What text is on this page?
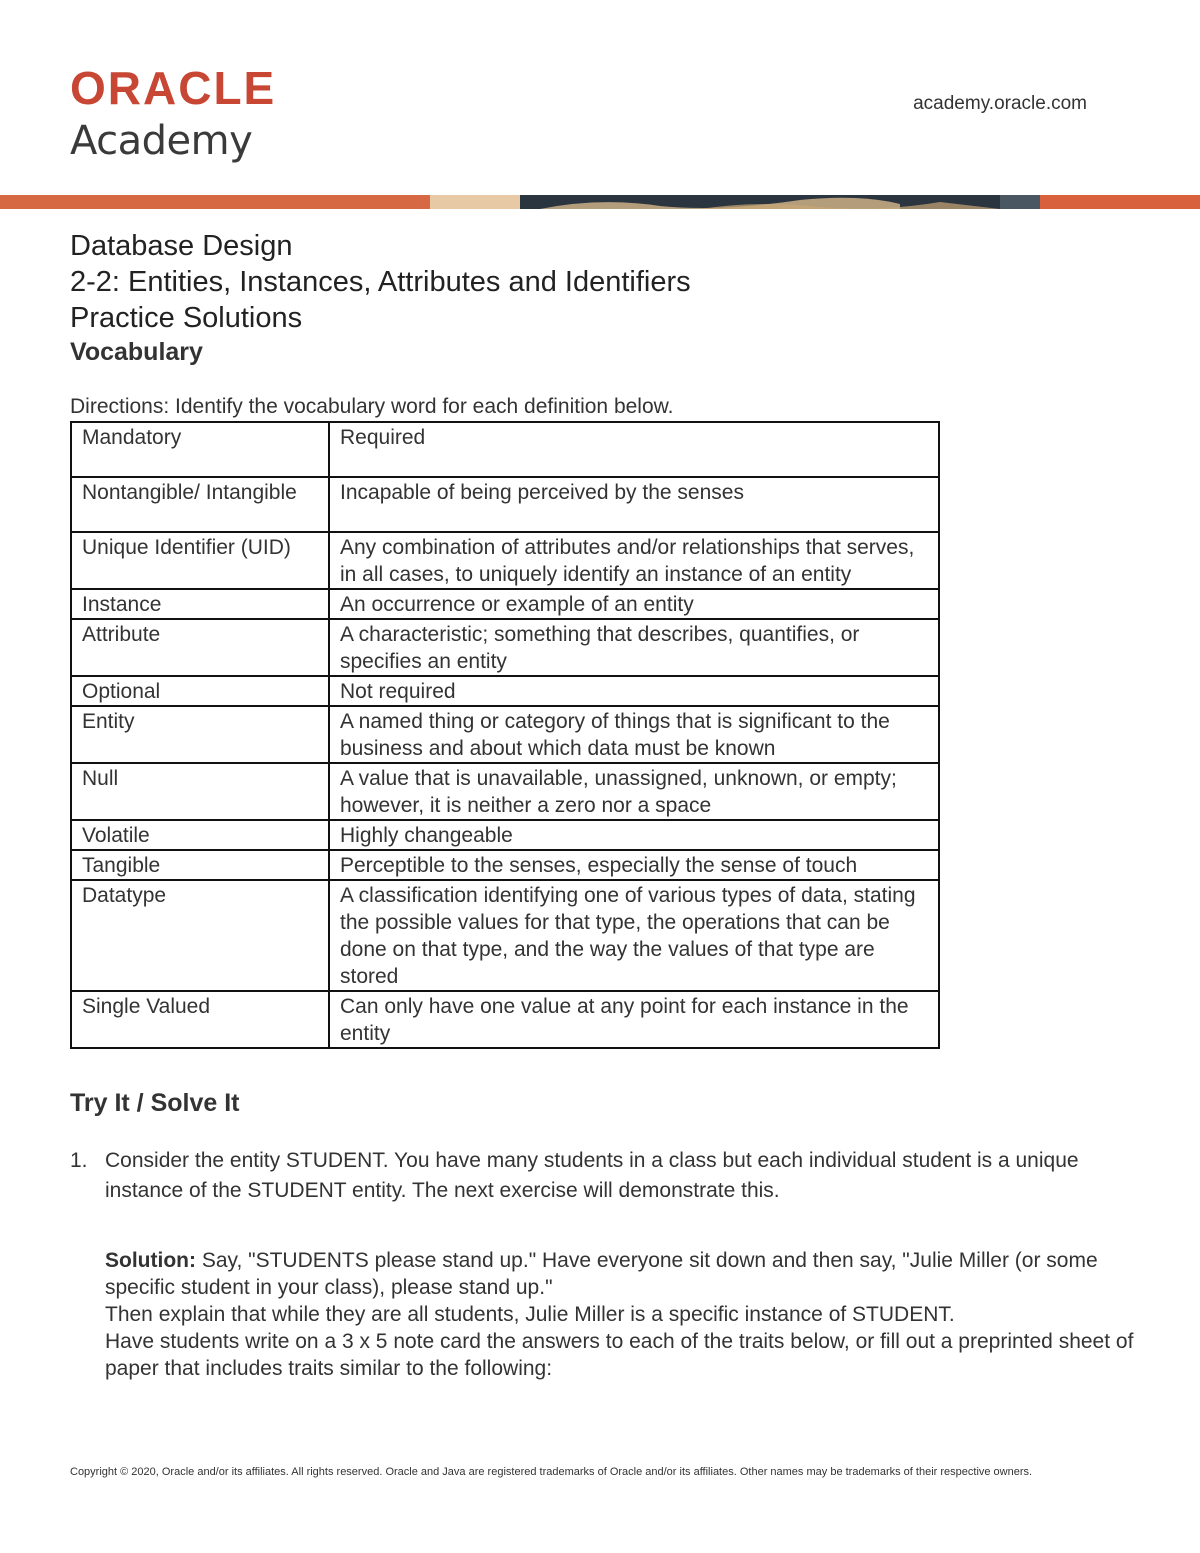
ORACLE
Academy
academy.oracle.com
Database Design
2-2: Entities, Instances, Attributes and Identifiers
Practice Solutions
Vocabulary
Directions: Identify the vocabulary word for each definition below.
Mandatory	Required
Nontangible/ Intangible	Incapable of being perceived by the senses
Unique Identifier (UID)	Any combination of attributes and/or relationships that serves, in all cases, to uniquely identify an instance of an entity
Instance	An occurrence or example of an entity
Attribute	A characteristic; something that describes, quantifies, or specifies an entity
Optional	Not required
Entity	A named thing or category of things that is significant to the business and about which data must be known
Null	A value that is unavailable, unassigned, unknown, or empty; however, it is neither a zero nor a space
Volatile	Highly changeable
Tangible	Perceptible to the senses, especially the sense of touch
Datatype	A classification identifying one of various types of data, stating the possible values for that type, the operations that can be done on that type, and the way the values of that type are stored
Single Valued	Can only have one value at any point for each instance in the entity
Try It / Solve It
1. Consider the entity STUDENT. You have many students in a class but each individual student is a unique instance of the STUDENT entity. The next exercise will demonstrate this.
Solution: Say, "STUDENTS please stand up." Have everyone sit down and then say, "Julie Miller (or some specific student in your class), please stand up."
Then explain that while they are all students, Julie Miller is a specific instance of STUDENT.
Have students write on a 3 x 5 note card the answers to each of the traits below, or fill out a preprinted sheet of paper that includes traits similar to the following:
Copyright © 2020, Oracle and/or its affiliates. All rights reserved. Oracle and Java are registered trademarks of Oracle and/or its affiliates. Other names may be trademarks of their respective owners.
